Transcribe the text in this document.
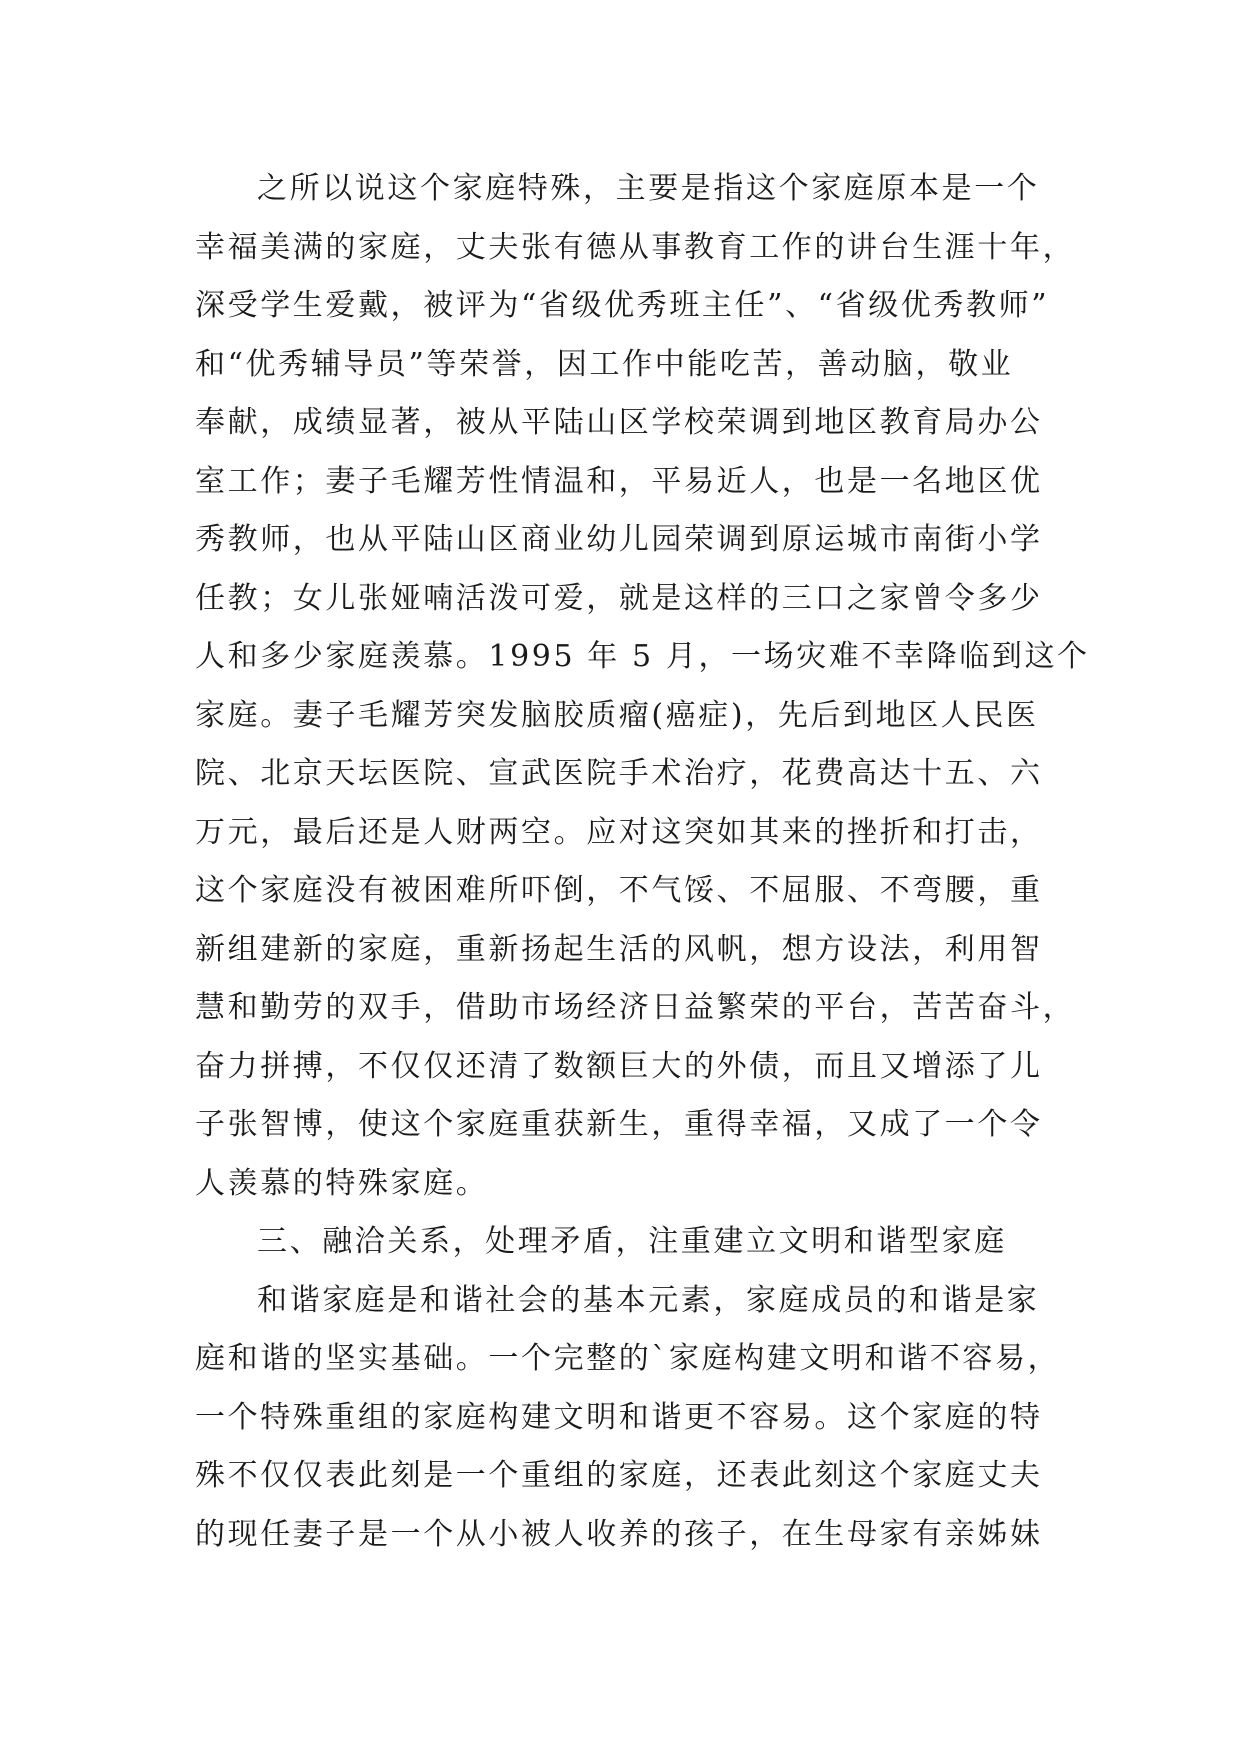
之所以说这个家庭特殊，主要是指这个家庭原本是一个
幸福美满的家庭，丈夫张有德从事教育工作的讲台生涯十年，
深受学生爱戴，被评为“省级优秀班主任”、“省级优秀教师”
和“优秀辅导员”等荣誉，因工作中能吃苦，善动脑，敬业
奉献，成绩显著，被从平陆山区学校荣调到地区教育局办公
室工作；妻子毛耀芳性情温和，平易近人，也是一名地区优
秀教师，也从平陆山区商业幼儿园荣调到原运城市南街小学
任教；女儿张娅喃活泼可爱，就是这样的三口之家曾令多少
人和多少家庭羡慕。1995 年 5 月，一场灾难不幸降临到这个
家庭。妻子毛耀芳突发脑胶质瘤(癌症)，先后到地区人民医
院、北京天坛医院、宣武医院手术治疗，花费高达十五、六
万元，最后还是人财两空。应对这突如其来的挫折和打击，
这个家庭没有被困难所吓倒，不气馁、不屈服、不弯腰，重
新组建新的家庭，重新扬起生活的风帆，想方设法，利用智
慧和勤劳的双手，借助市场经济日益繁荣的平台，苦苦奋斗，
奋力拼搏，不仅仅还清了数额巨大的外债，而且又增添了儿
子张智博，使这个家庭重获新生，重得幸福，又成了一个令
人羡慕的特殊家庭。
三、融洽关系，处理矛盾，注重建立文明和谐型家庭
和谐家庭是和谐社会的基本元素，家庭成员的和谐是家
庭和谐的坚实基础。一个完整的`家庭构建文明和谐不容易，
一个特殊重组的家庭构建文明和谐更不容易。这个家庭的特
殊不仅仅表此刻是一个重组的家庭，还表此刻这个家庭丈夫
的现任妻子是一个从小被人收养的孩子，在生母家有亲姊妹
